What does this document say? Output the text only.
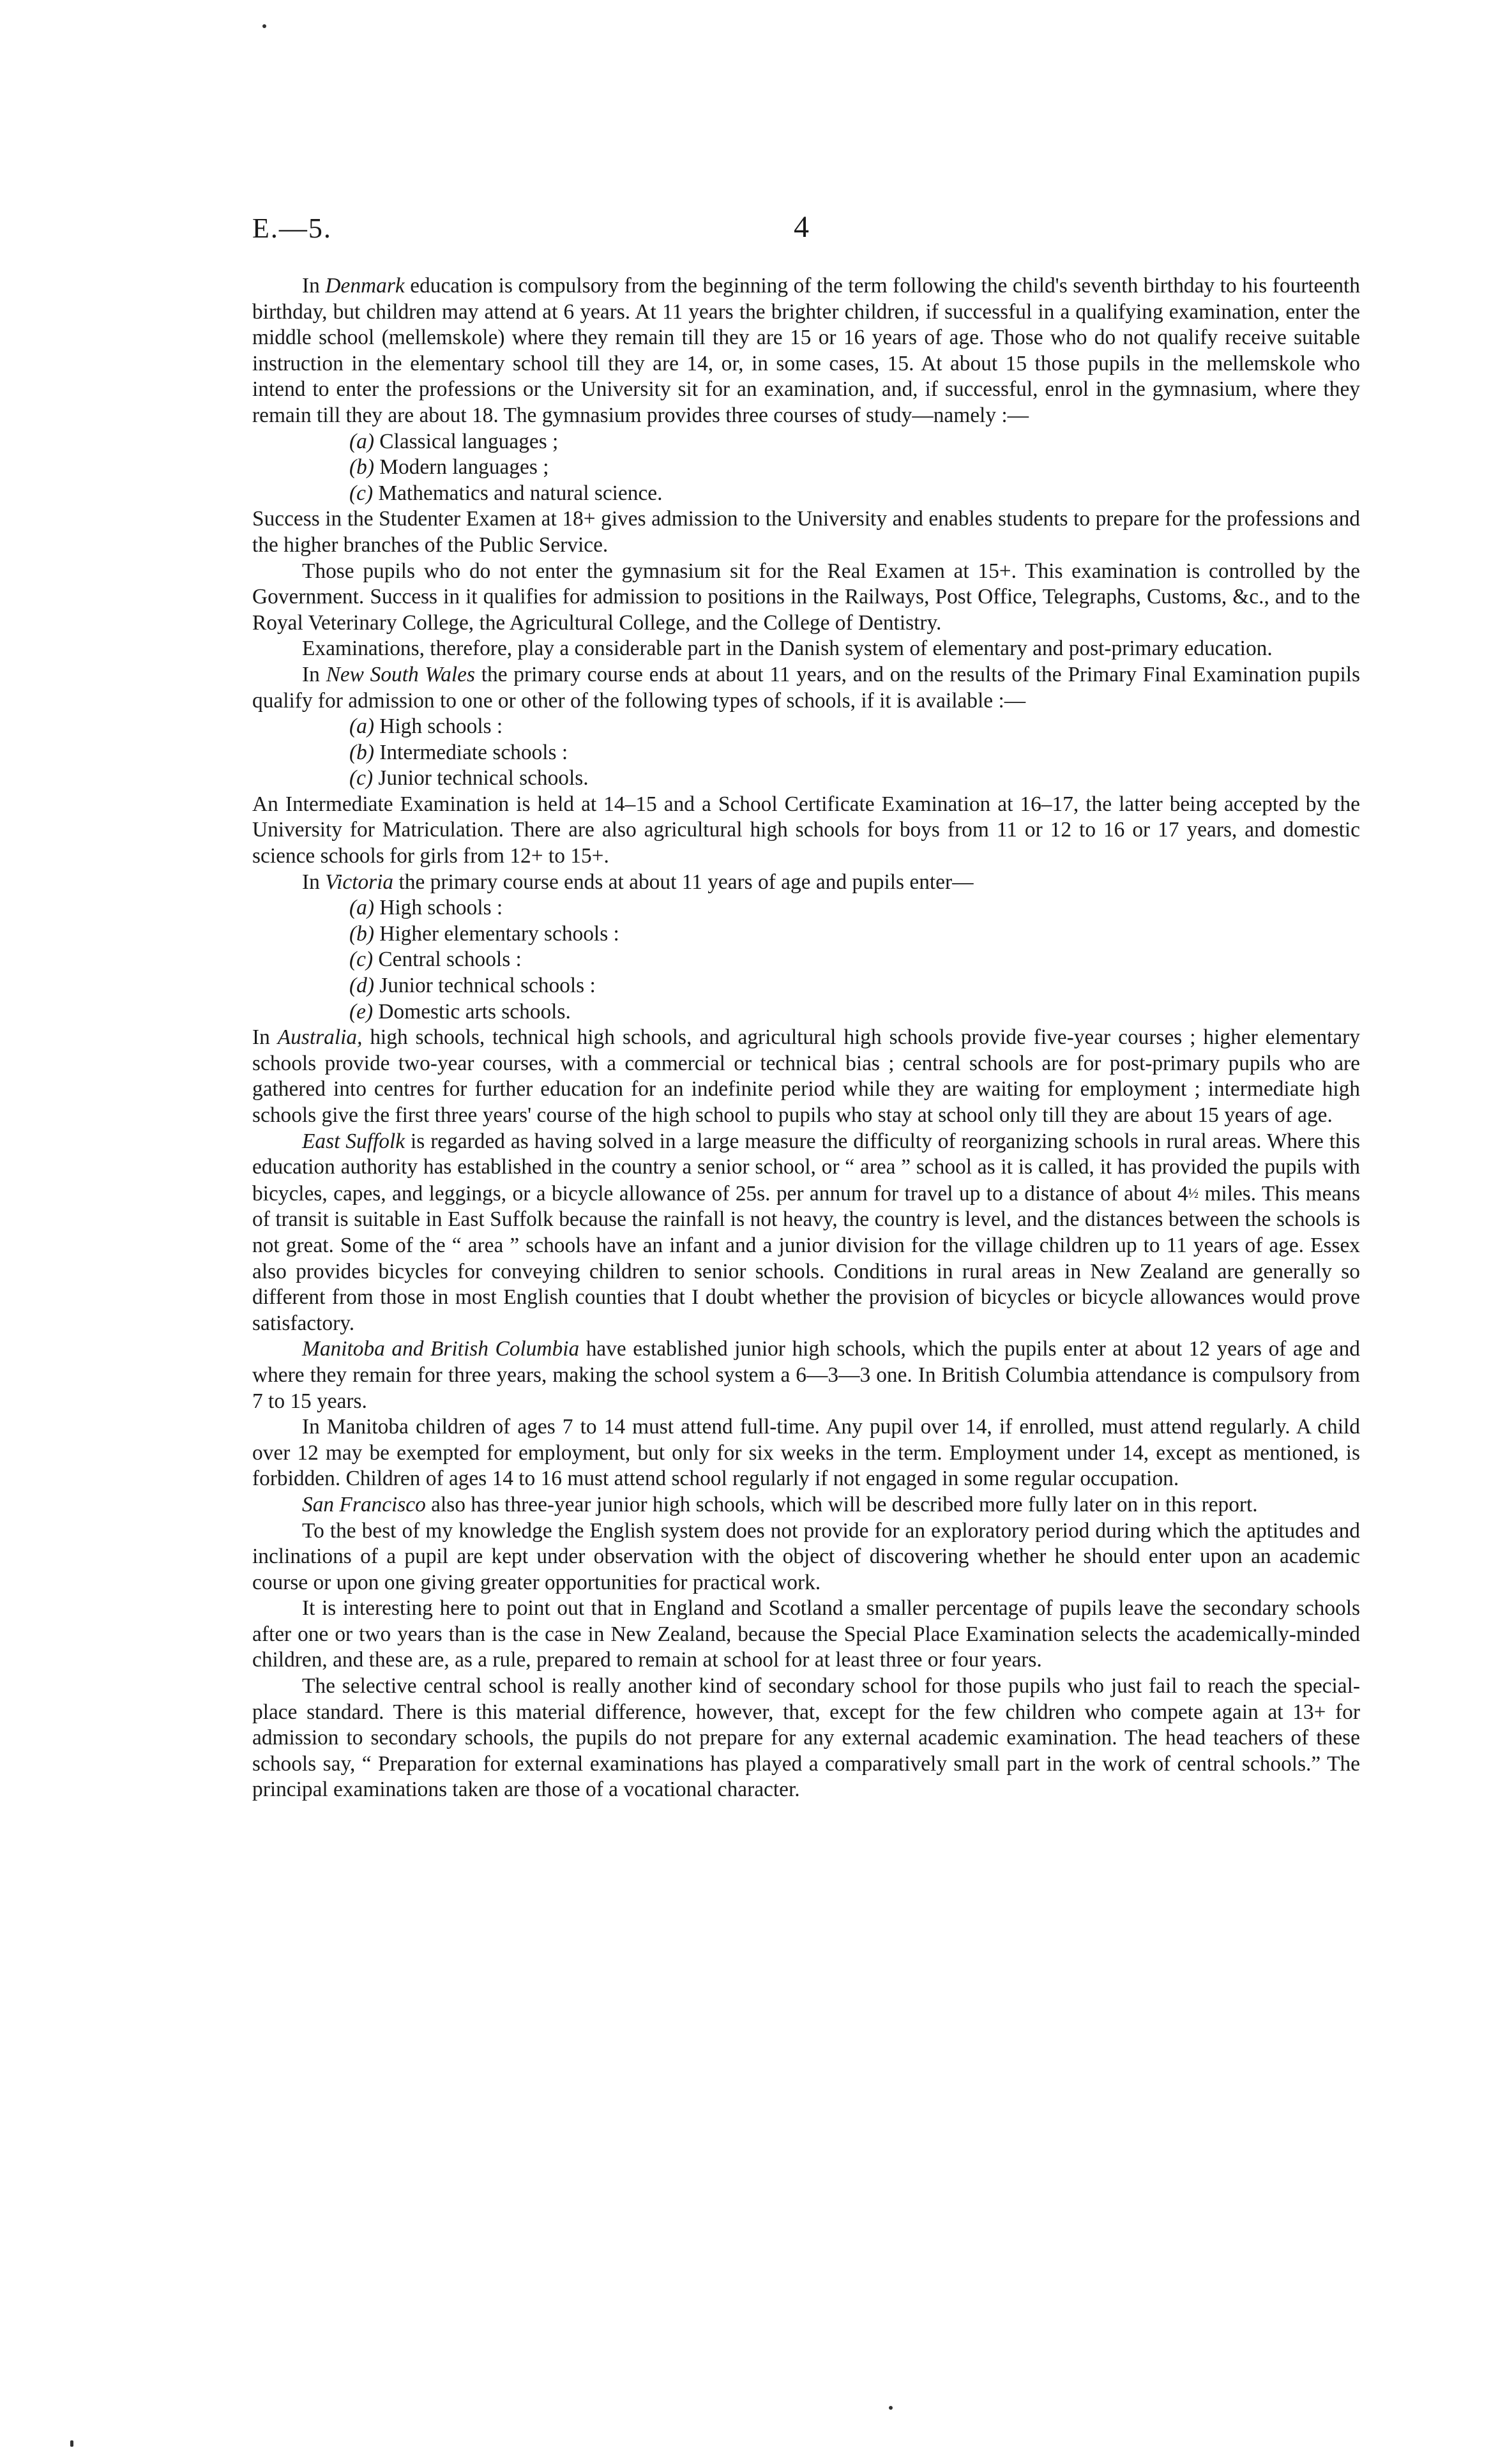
E.—5.	4

In Denmark education is compulsory from the beginning of the term following the child's seventh birthday to his fourteenth birthday, but children may attend at 6 years. At 11 years the brighter children, if successful in a qualifying examination, enter the middle school (mellemskole) where they remain till they are 15 or 16 years of age. Those who do not qualify receive suitable instruction in the elementary school till they are 14, or, in some cases, 15. At about 15 those pupils in the mellemskole who intend to enter the professions or the University sit for an examination, and, if successful, enrol in the gymnasium, where they remain till they are about 18. The gymnasium provides three courses of study—namely :—

(a) Classical languages ;
(b) Modern languages ;
(c) Mathematics and natural science.

Success in the Studenter Examen at 18+ gives admission to the University and enables students to prepare for the professions and the higher branches of the Public Service.

Those pupils who do not enter the gymnasium sit for the Real Examen at 15+. This examination is controlled by the Government. Success in it qualifies for admission to positions in the Railways, Post Office, Telegraphs, Customs, &c., and to the Royal Veterinary College, the Agricultural College, and the College of Dentistry.

Examinations, therefore, play a considerable part in the Danish system of elementary and post-primary education.

In New South Wales the primary course ends at about 11 years, and on the results of the Primary Final Examination pupils qualify for admission to one or other of the following types of schools, if it is available :—

(a) High schools :
(b) Intermediate schools :
(c) Junior technical schools.

An Intermediate Examination is held at 14–15 and a School Certificate Examination at 16–17, the latter being accepted by the University for Matriculation. There are also agricultural high schools for boys from 11 or 12 to 16 or 17 years, and domestic science schools for girls from 12+ to 15+.

In Victoria the primary course ends at about 11 years of age and pupils enter—

(a) High schools :
(b) Higher elementary schools :
(c) Central schools :
(d) Junior technical schools :
(e) Domestic arts schools.

In Australia, high schools, technical high schools, and agricultural high schools provide five-year courses ; higher elementary schools provide two-year courses, with a commercial or technical bias ; central schools are for post-primary pupils who are gathered into centres for further education for an indefinite period while they are waiting for employment ; intermediate high schools give the first three years' course of the high school to pupils who stay at school only till they are about 15 years of age.

East Suffolk is regarded as having solved in a large measure the difficulty of reorganizing schools in rural areas. Where this education authority has established in the country a senior school, or “ area ” school as it is called, it has provided the pupils with bicycles, capes, and leggings, or a bicycle allowance of 25s. per annum for travel up to a distance of about 4½ miles. This means of transit is suitable in East Suffolk because the rainfall is not heavy, the country is level, and the distances between the schools is not great. Some of the “ area ” schools have an infant and a junior division for the village children up to 11 years of age. Essex also provides bicycles for conveying children to senior schools. Conditions in rural areas in New Zealand are generally so different from those in most English counties that I doubt whether the provision of bicycles or bicycle allowances would prove satisfactory.

Manitoba and British Columbia have established junior high schools, which the pupils enter at about 12 years of age and where they remain for three years, making the school system a 6—3—3 one. In British Columbia attendance is compulsory from 7 to 15 years.

In Manitoba children of ages 7 to 14 must attend full-time. Any pupil over 14, if enrolled, must attend regularly. A child over 12 may be exempted for employment, but only for six weeks in the term. Employment under 14, except as mentioned, is forbidden. Children of ages 14 to 16 must attend school regularly if not engaged in some regular occupation.

San Francisco also has three-year junior high schools, which will be described more fully later on in this report.

To the best of my knowledge the English system does not provide for an exploratory period during which the aptitudes and inclinations of a pupil are kept under observation with the object of discovering whether he should enter upon an academic course or upon one giving greater opportunities for practical work.

It is interesting here to point out that in England and Scotland a smaller percentage of pupils leave the secondary schools after one or two years than is the case in New Zealand, because the Special Place Examination selects the academically-minded children, and these are, as a rule, prepared to remain at school for at least three or four years.

The selective central school is really another kind of secondary school for those pupils who just fail to reach the special-place standard. There is this material difference, however, that, except for the few children who compete again at 13+ for admission to secondary schools, the pupils do not prepare for any external academic examination. The head teachers of these schools say, “ Preparation for external examinations has played a comparatively small part in the work of central schools.” The principal examinations taken are those of a vocational character.
